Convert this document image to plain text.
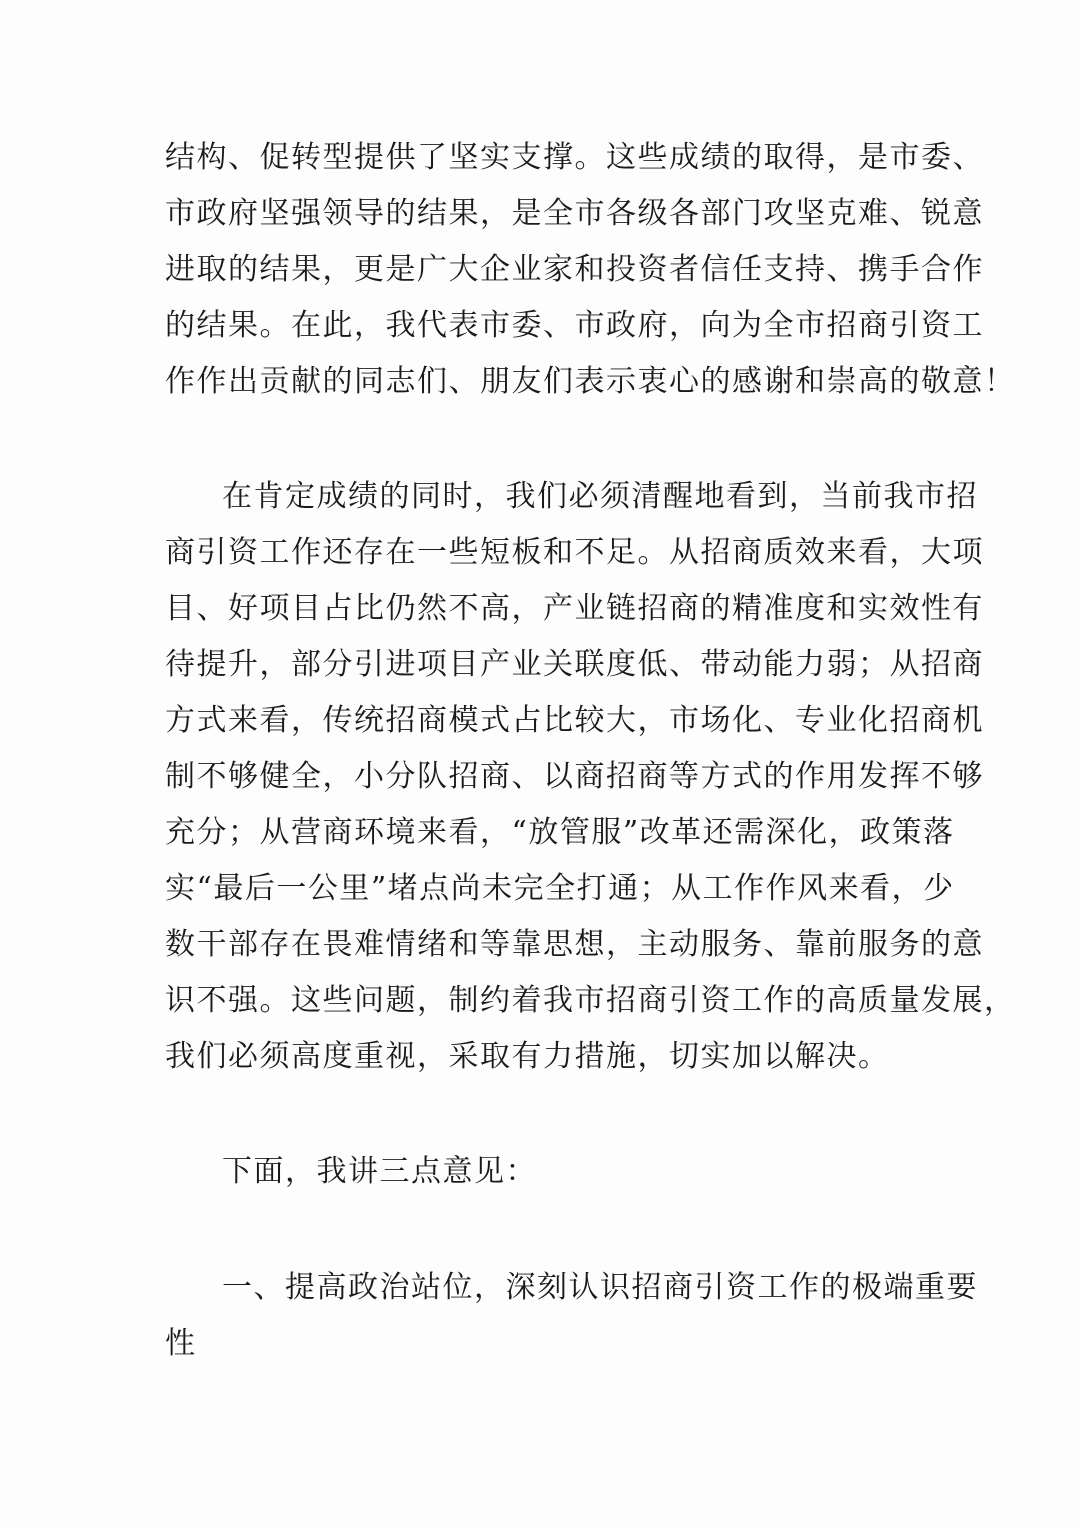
结构、促转型提供了坚实支撑。这些成绩的取得，是市委、
市政府坚强领导的结果，是全市各级各部门攻坚克难、锐意
进取的结果，更是广大企业家和投资者信任支持、携手合作
的结果。在此，我代表市委、市政府，向为全市招商引资工
作作出贡献的同志们、朋友们表示衷心的感谢和崇高的敬意！
在肯定成绩的同时，我们必须清醒地看到，当前我市招
商引资工作还存在一些短板和不足。从招商质效来看，大项
目、好项目占比仍然不高，产业链招商的精准度和实效性有
待提升，部分引进项目产业关联度低、带动能力弱；从招商
方式来看，传统招商模式占比较大，市场化、专业化招商机
制不够健全，小分队招商、以商招商等方式的作用发挥不够
充分；从营商环境来看，“放管服”改革还需深化，政策落
实“最后一公里”堵点尚未完全打通；从工作作风来看，少
数干部存在畏难情绪和等靠思想，主动服务、靠前服务的意
识不强。这些问题，制约着我市招商引资工作的高质量发展，
我们必须高度重视，采取有力措施，切实加以解决。
下面，我讲三点意见：
一、提高政治站位，深刻认识招商引资工作的极端重要
性
